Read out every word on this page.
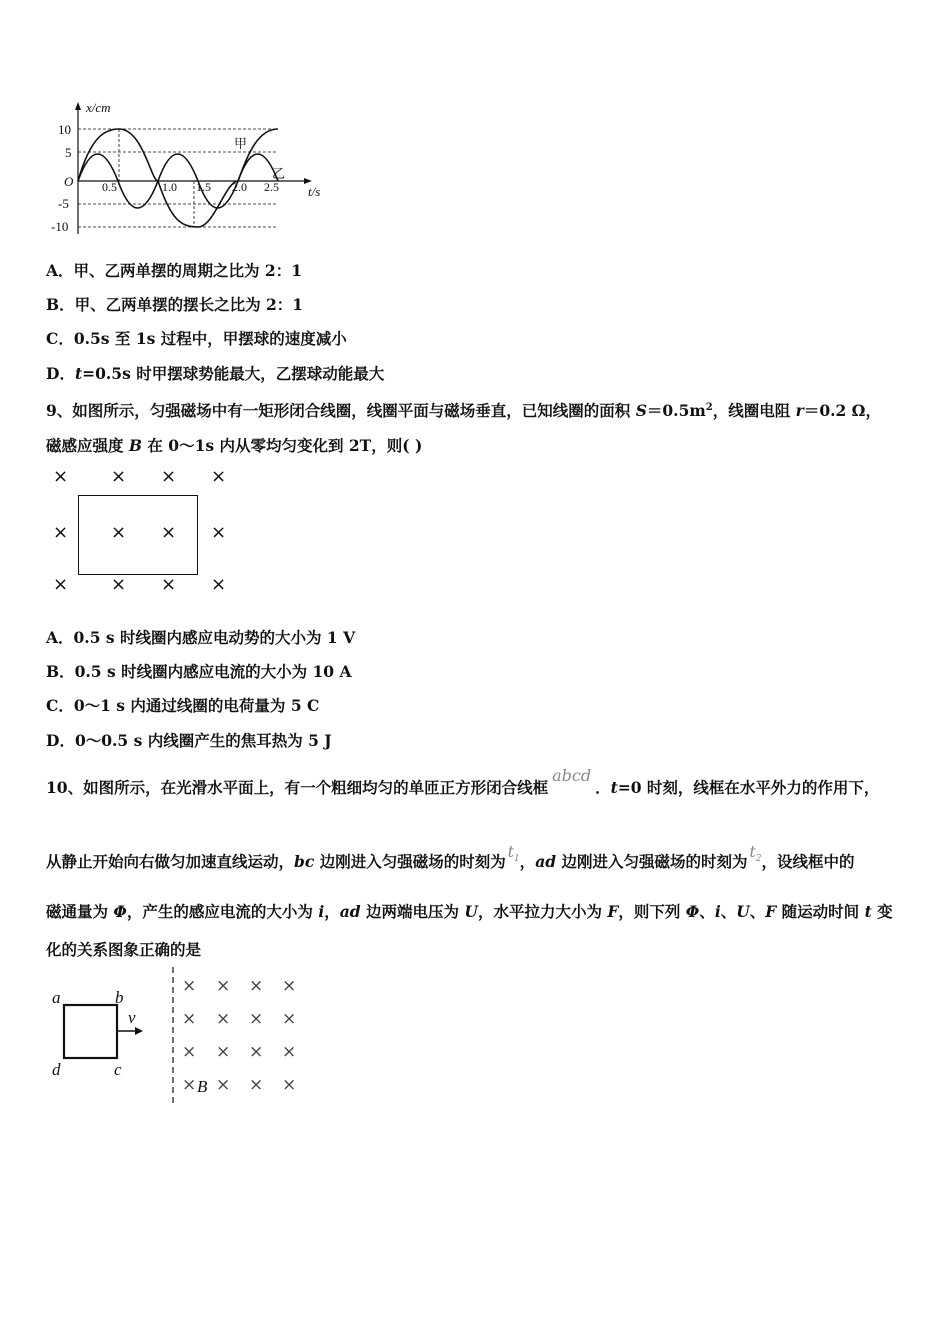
x/cm
t/s
O
10
5
-5
-10
0.5	1.0 1.5 2.0 2.5
甲
乙
A．甲、乙两单摆的周期之比为 2：1
B．甲、乙两单摆的摆长之比为 2：1
C．0.5s 至 1s 过程中，甲摆球的速度减小
D．t=0.5s 时甲摆球势能最大，乙摆球动能最大
9、如图所示，匀强磁场中有一矩形闭合线圈，线圈平面与磁场垂直，已知线圈的面积 $S=0.5m^2$，线圈电阻 r＝0.2 Ω，
磁感应强度 B 在 0～1s 内从零均匀变化到 2T，则( )
× × × ×
× × × ×
× × × ×
A．0.5 s 时线圈内感应电动势的大小为 1 V
B．0.5 s 时线圈内感应电流的大小为 10 A
C．0～1 s 内通过线圈的电荷量为 5 C
D．0～0.5 s 内线圈产生的焦耳热为 5 J
10、如图所示，在光滑水平面上，有一个粗细均匀的单匝正方形闭合线框abcd．t=0 时刻，线框在水平外力的作用下，
从静止开始向右做匀加速直线运动，bc 边刚进入匀强磁场的时刻为 $t_1$，ad 边刚进入匀强磁场的时刻为 $t_2$，设线框中的
磁通量为 Φ，产生的感应电流的大小为 i，ad 边两端电压为 U，水平拉力大小为 F，则下列 Φ、i、U、F 随运动时间 t 变
化的关系图象正确的是
a	b
d	c
v
× × × ×
× × × ×
× × × ×
× × × ×
B
